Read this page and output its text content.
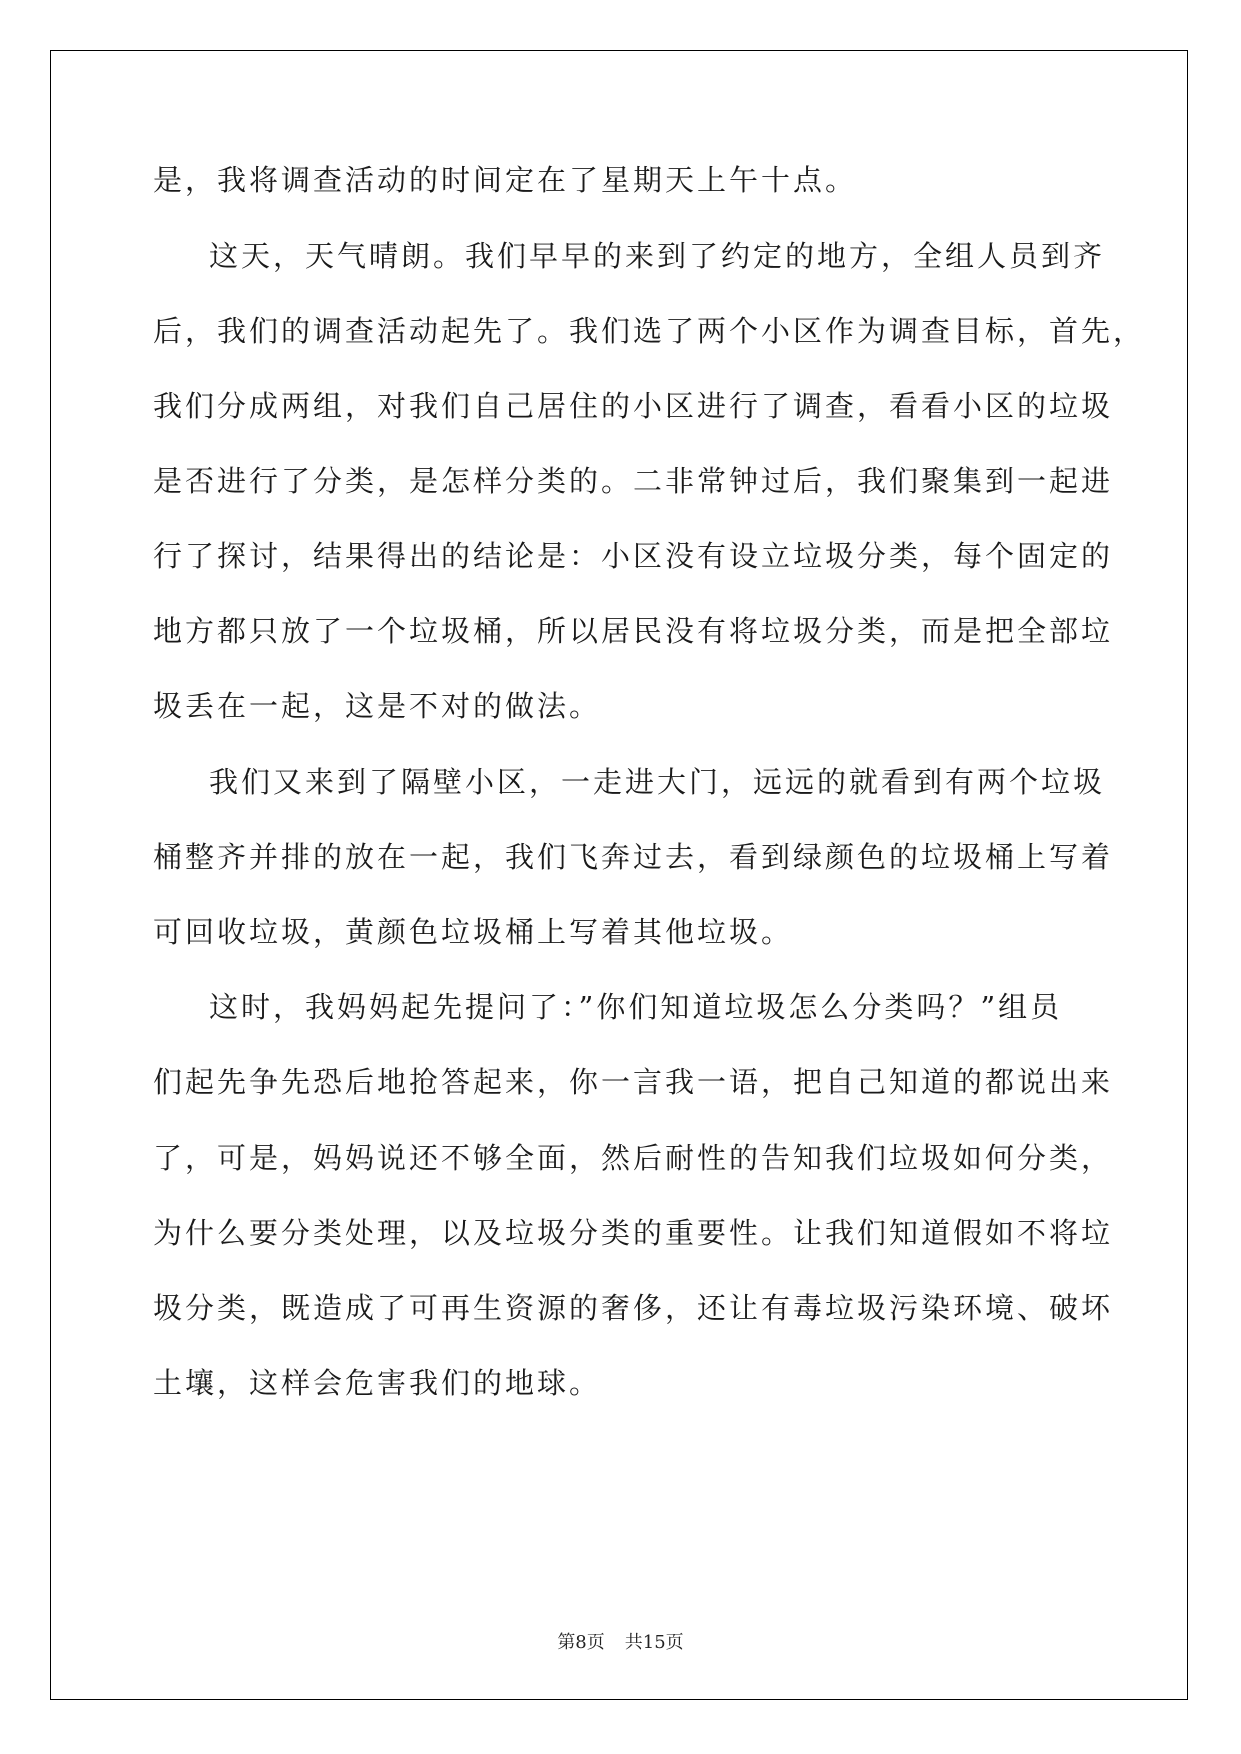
是，我将调查活动的时间定在了星期天上午十点。
这天，天气晴朗。我们早早的来到了约定的地方，全组人员到齐
后，我们的调查活动起先了。我们选了两个小区作为调查目标，首先，
我们分成两组，对我们自己居住的小区进行了调查，看看小区的垃圾
是否进行了分类，是怎样分类的。二非常钟过后，我们聚集到一起进
行了探讨，结果得出的结论是：小区没有设立垃圾分类，每个固定的
地方都只放了一个垃圾桶，所以居民没有将垃圾分类，而是把全部垃
圾丢在一起，这是不对的做法。
我们又来到了隔壁小区，一走进大门，远远的就看到有两个垃圾
桶整齐并排的放在一起，我们飞奔过去，看到绿颜色的垃圾桶上写着
可回收垃圾，黄颜色垃圾桶上写着其他垃圾。
这时，我妈妈起先提问了：”你们知道垃圾怎么分类吗？”组员
们起先争先恐后地抢答起来，你一言我一语，把自己知道的都说出来
了，可是，妈妈说还不够全面，然后耐性的告知我们垃圾如何分类，
为什么要分类处理，以及垃圾分类的重要性。让我们知道假如不将垃
圾分类，既造成了可再生资源的奢侈，还让有毒垃圾污染环境、破坏
土壤，这样会危害我们的地球。
第8页 共15页
